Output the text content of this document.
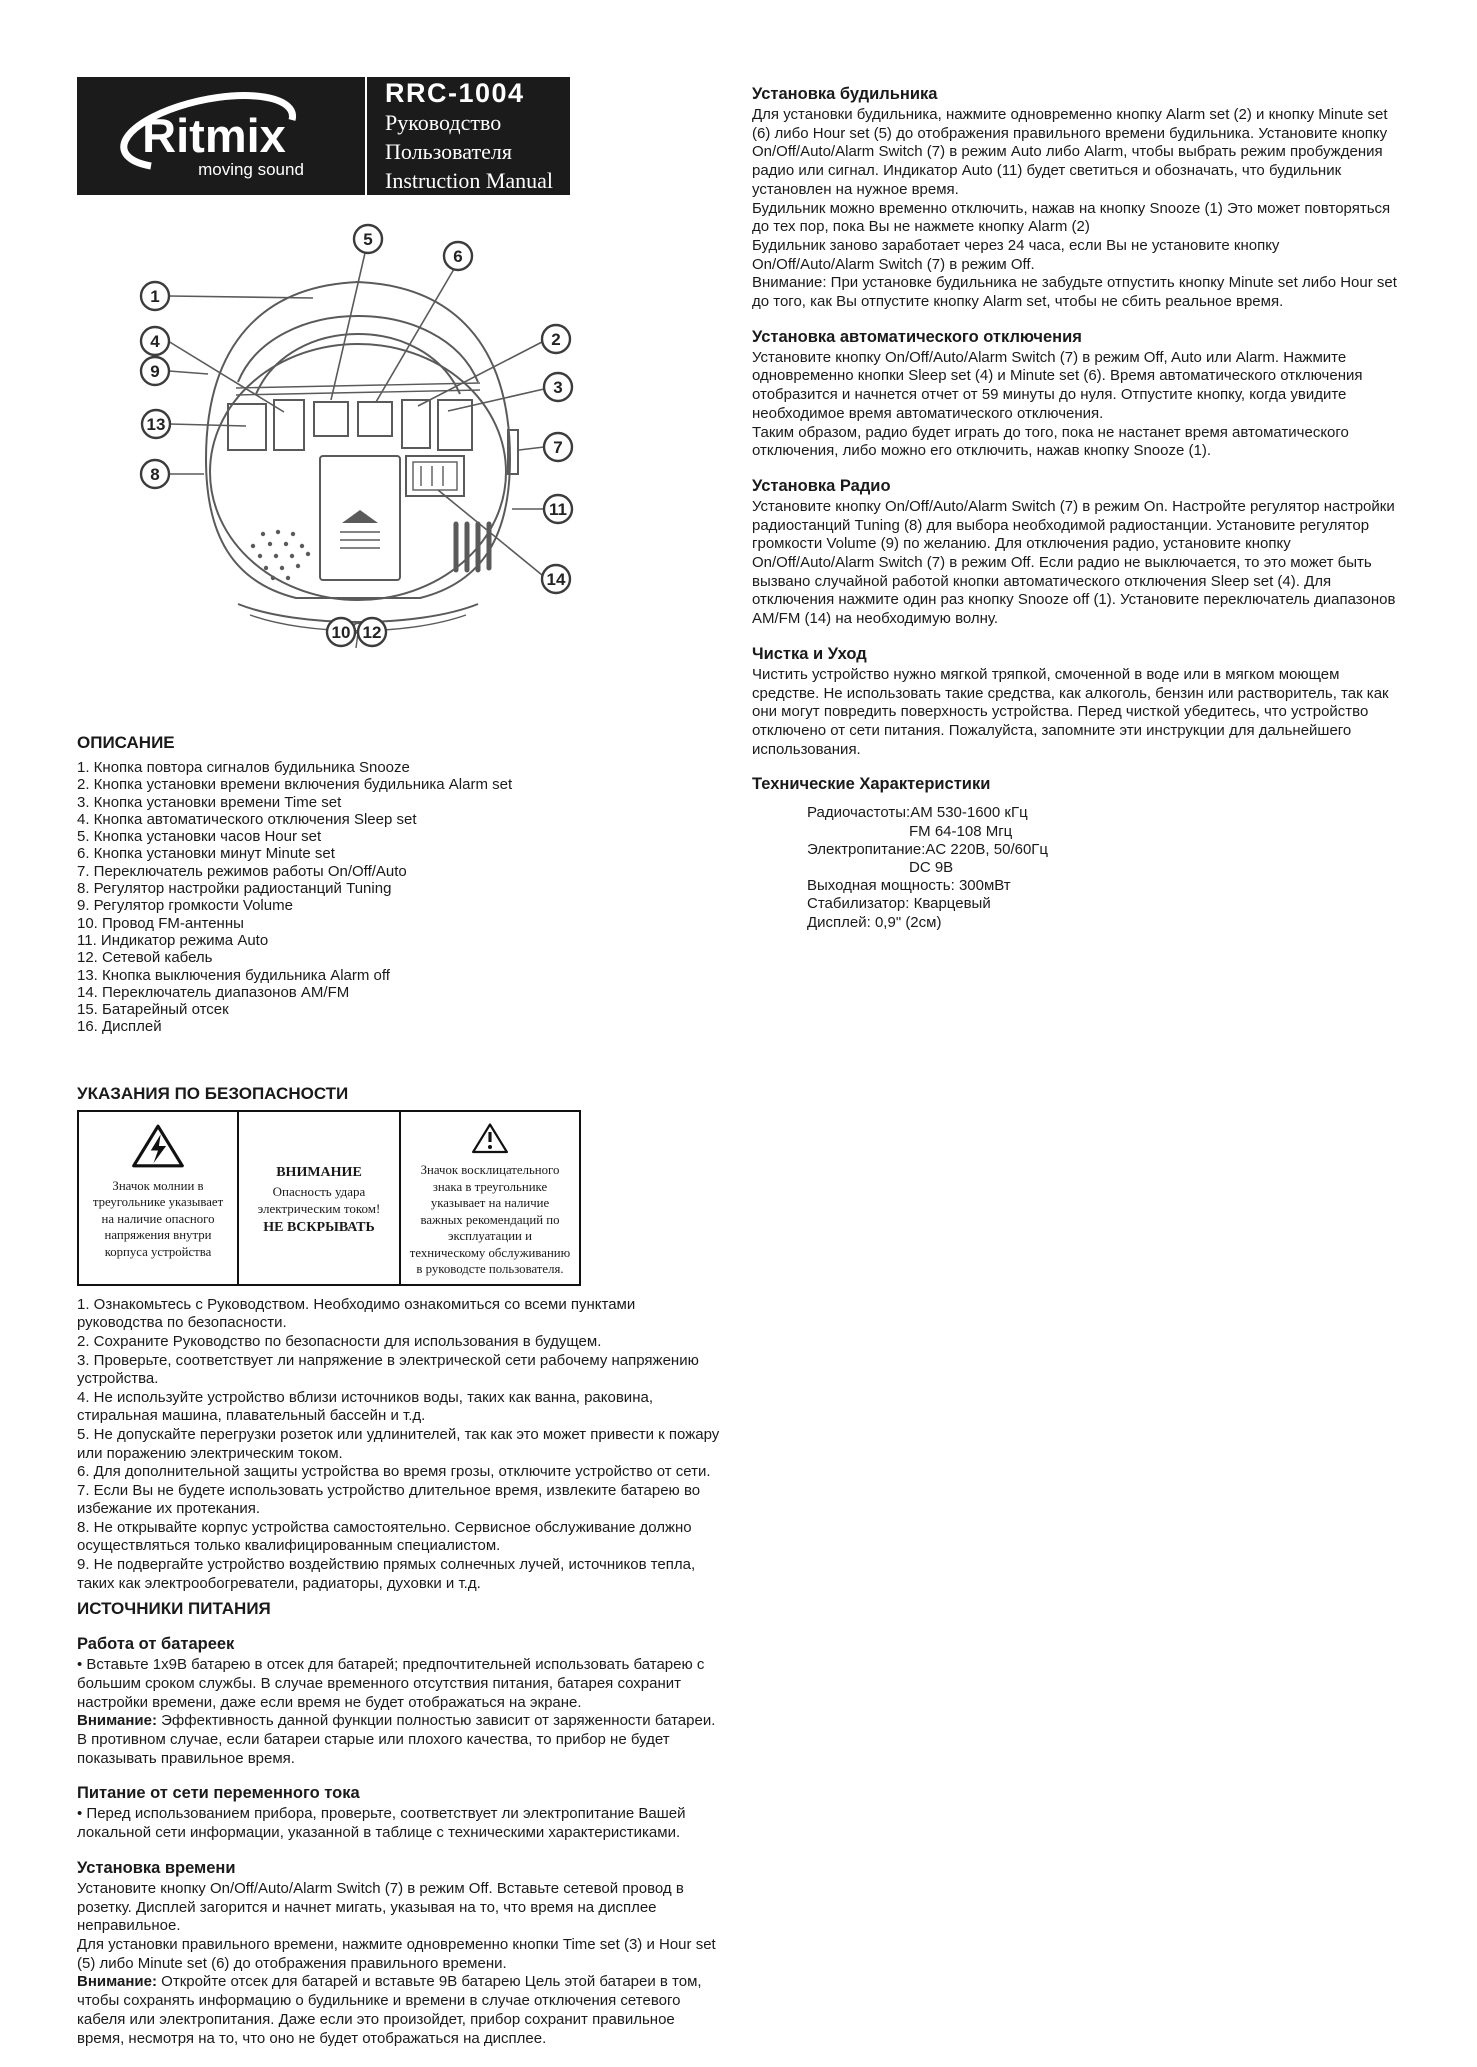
Ritmix
moving sound
RRC-1004
Руководство Пользователя
Instruction Manual
1
4
9
13
8
5
6
2
3
7
11
14
10 12
ОПИСАНИЕ
1. Кнопка повтора сигналов будильника Snooze
2. Кнопка установки времени включения будильника Alarm set
3. Кнопка установки времени Time set
4. Кнопка автоматического отключения Sleep set
5. Кнопка установки часов Hour set
6. Кнопка установки минут Minute set
7. Переключатель режимов работы On/Off/Auto
8. Регулятор настройки радиостанций Tuning
9. Регулятор громкости Volume
10. Провод FM-антенны
11. Индикатор режима Auto
12. Сетевой кабель
13. Кнопка выключения будильника Alarm off
14. Переключатель диапазонов AM/FM
15. Батарейный отсек
16. Дисплей
УКАЗАНИЯ ПО БЕЗОПАСНОСТИ
Значок молнии в треугольнике указывает на наличие опасного напряжения внутри корпуса устройства
ВНИМАНИЕ
Опасность удара электрическим током!
НЕ ВСКРЫВАТЬ
Значок восклицательного знака в треугольнике указывает на наличие важных рекомендаций по эксплуатации и техническому обслуживанию в руководсте пользователя.

1. Ознакомьтесь с Руководством. Необходимо ознакомиться со всеми пунктами руководства по безопасности.

2. Сохраните Руководство по безопасности для использования в будущем.

3. Проверьте, соответствует ли напряжение в электрической сети рабочему напряжению устройства.

4. Не используйте устройство вблизи источников воды, таких как ванна, раковина, стиральная машина, плавательный бассейн и т.д.

5. Не допускайте перегрузки розеток или удлинителей, так как это может привести к пожару или поражению электрическим током.

6. Для дополнительной защиты устройства во время грозы, отключите устройство от сети.

7. Если Вы не будете использовать устройство длительное время, извлеките батарею во избежание их протекания.

8. Не открывайте корпус устройства самостоятельно. Сервисное обслуживание должно осуществляться только квалифицированным специалистом.

9. Не подвергайте устройство воздействию прямых солнечных лучей, источников тепла, таких как электрообогреватели, радиаторы, духовки и т.д.

ИСТОЧНИКИ ПИТАНИЯ
Работа от батареек

• Вставьте 1x9В батарею в отсек для батарей; предпочтительней использовать батарею с большим сроком службы. В случае временного отсутствия питания, батарея сохранит настройки времени, даже если время не будет отображаться на экране.

Внимание: Эффективность данной функции полностью зависит от заряженности батареи. В противном случае, если батареи старые или плохого качества, то прибор не будет показывать правильное время.

Питание от сети переменного тока

• Перед использованием прибора, проверьте, соответствует ли электропитание Вашей локальной сети информации, указанной в таблице с техническими характеристиками.

Установка времени

Установите кнопку On/Off/Auto/Alarm Switch (7) в режим Off. Вставьте сетевой провод в розетку. Дисплей загорится и начнет мигать, указывая на то, что время на дисплее неправильное.

Для установки правильного времени, нажмите одновременно кнопки Time set (3) и Hour set (5) либо Minute set (6) до отображения правильного времени.

Внимание: Откройте отсек для батарей и вставьте 9В батарею Цель этой батареи в том, чтобы сохранять информацию о будильнике и времени в случае отключения сетевого кабеля или электропитания. Даже если это произойдет, прибор сохранит правильное время, несмотря на то, что оно не будет отображаться на дисплее.

Установка будильника

Для установки будильника, нажмите одновременно кнопку Alarm set (2) и кнопку Minute set (6) либо Hour set (5) до отображения правильного времени будильника. Установите кнопку On/Off/Auto/Alarm Switch (7) в режим Auto либо Alarm, чтобы выбрать режим пробуждения радио или сигнал. Индикатор Auto (11) будет светиться и обозначать, что будильник установлен на нужное время.

Будильник можно временно отключить, нажав на кнопку Snooze (1) Это может повторяться до тех пор, пока Вы не нажмете кнопку Alarm (2)

Будильник заново заработает через 24 часа, если Вы не установите кнопку On/Off/Auto/Alarm Switch (7) в режим Off.

Внимание: При установке будильника не забудьте отпустить кнопку Minute set либо Hour set до того, как Вы отпустите кнопку Alarm set, чтобы не сбить реальное время.

Установка автоматического отключения

Установите кнопку On/Off/Auto/Alarm Switch (7) в режим Off, Auto или Alarm. Нажмите одновременно кнопки Sleep set (4) и Minute set (6). Время автоматического отключения отобразится и начнется отчет от 59 минуты до нуля. Отпустите кнопку, когда увидите необходимое время автоматического отключения.

Таким образом, радио будет играть до того, пока не настанет время автоматического отключения, либо можно его отключить, нажав кнопку Snooze (1).

Установка Радио

Установите кнопку On/Off/Auto/Alarm Switch (7) в режим On. Настройте регулятор настройки радиостанций Tuning (8) для выбора необходимой радиостанции. Установите регулятор громкости Volume (9) по желанию. Для отключения радио, установите кнопку On/Off/Auto/Alarm Switch (7) в режим Off. Если радио не выключается, то это может быть вызвано случайной работой кнопки автоматического отключения Sleep set (4). Для отключения нажмите один раз кнопку Snooze off (1). Установите переключатель диапазонов AM/FM (14) на необходимую волну.

Чистка и Уход

Чистить устройство нужно мягкой тряпкой, смоченной в воде или в мягком моющем средстве. Не использовать такие средства, как алкоголь, бензин или растворитель, так как они могут повредить поверхность устройства. Перед чисткой убедитесь, что устройство отключено от сети питания. Пожалуйста, запомните эти инструкции для дальнейшего использования.

Технические Характеристики
Радиочастоты: AM 530-1600 кГц
FM 64-108 Мгц
Электропитание: AC 220В, 50/60Гц
DC 9В
Выходная мощность: 300мВт
Стабилизатор: Кварцевый
Дисплей: 0,9" (2см)
